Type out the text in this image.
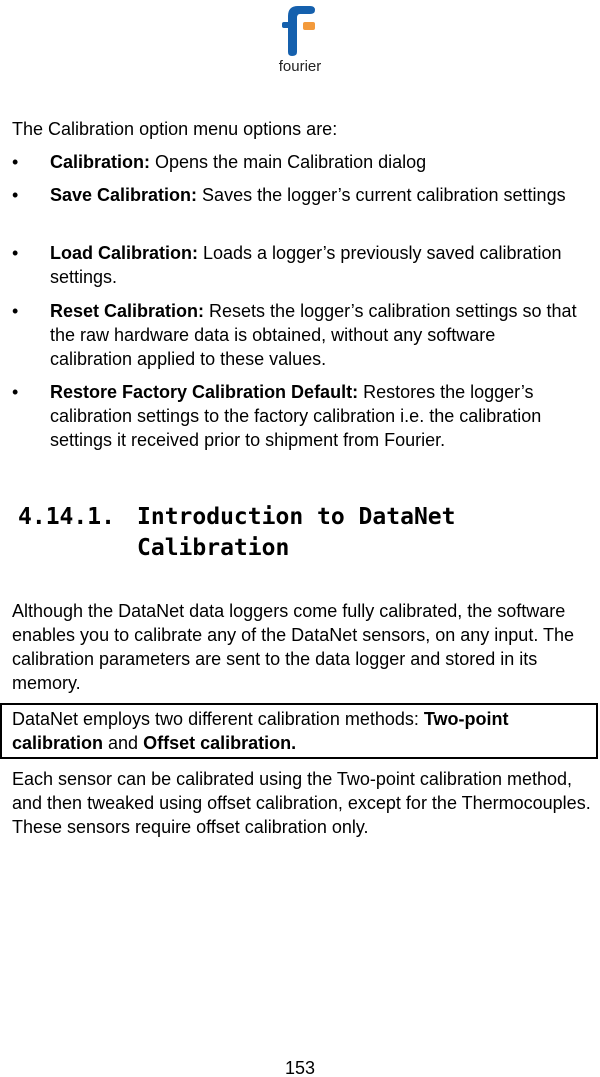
fourier
The Calibration option menu options are:
• Calibration: Opens the main Calibration dialog
• Save Calibration: Saves the logger’s current calibration settings
• Load Calibration: Loads a logger’s previously saved calibration settings.
• Reset Calibration: Resets the logger’s calibration settings so that the raw hardware data is obtained, without any software calibration applied to these values.
• Restore Factory Calibration Default: Restores the logger’s calibration settings to the factory calibration i.e. the calibration settings it received prior to shipment from Fourier.
4.14.1. Introduction to DataNet Calibration
Although the DataNet data loggers come fully calibrated, the software enables you to calibrate any of the DataNet sensors, on any input. The calibration parameters are sent to the data logger and stored in its memory.
DataNet employs two different calibration methods: Two-point calibration and Offset calibration.
Each sensor can be calibrated using the Two-point calibration method, and then tweaked using offset calibration, except for the Thermocouples. These sensors require offset calibration only.
153
